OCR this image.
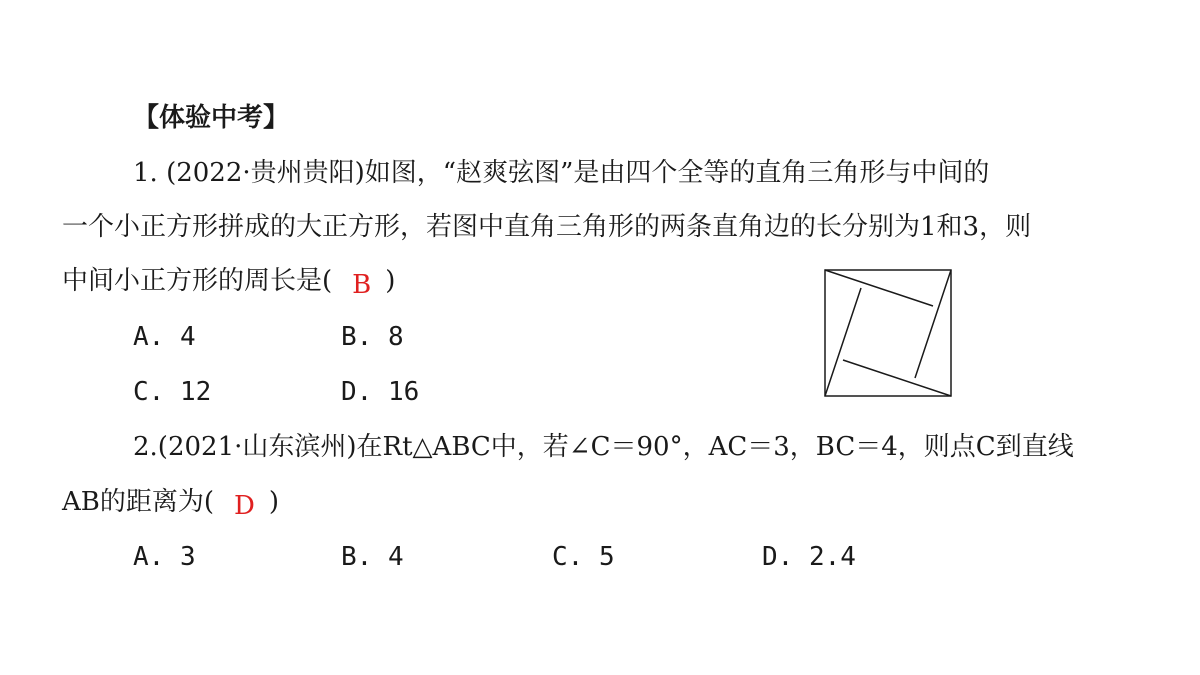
【体验中考】
1. (2022·贵州贵阳)如图，“赵爽弦图”是由四个全等的直角三角形与中间的
一个小正方形拼成的大正方形，若图中直角三角形的两条直角边的长分别为1和3，则
中间小正方形的周长是( B )
A. 4	B. 8
C. 12	D. 16
2.(2021·山东滨州)在Rt△ABC中，若∠C＝90°，AC＝3，BC＝4，则点C到直线
AB的距离为( D )
A. 3	B. 4	C. 5	D. 2.4
